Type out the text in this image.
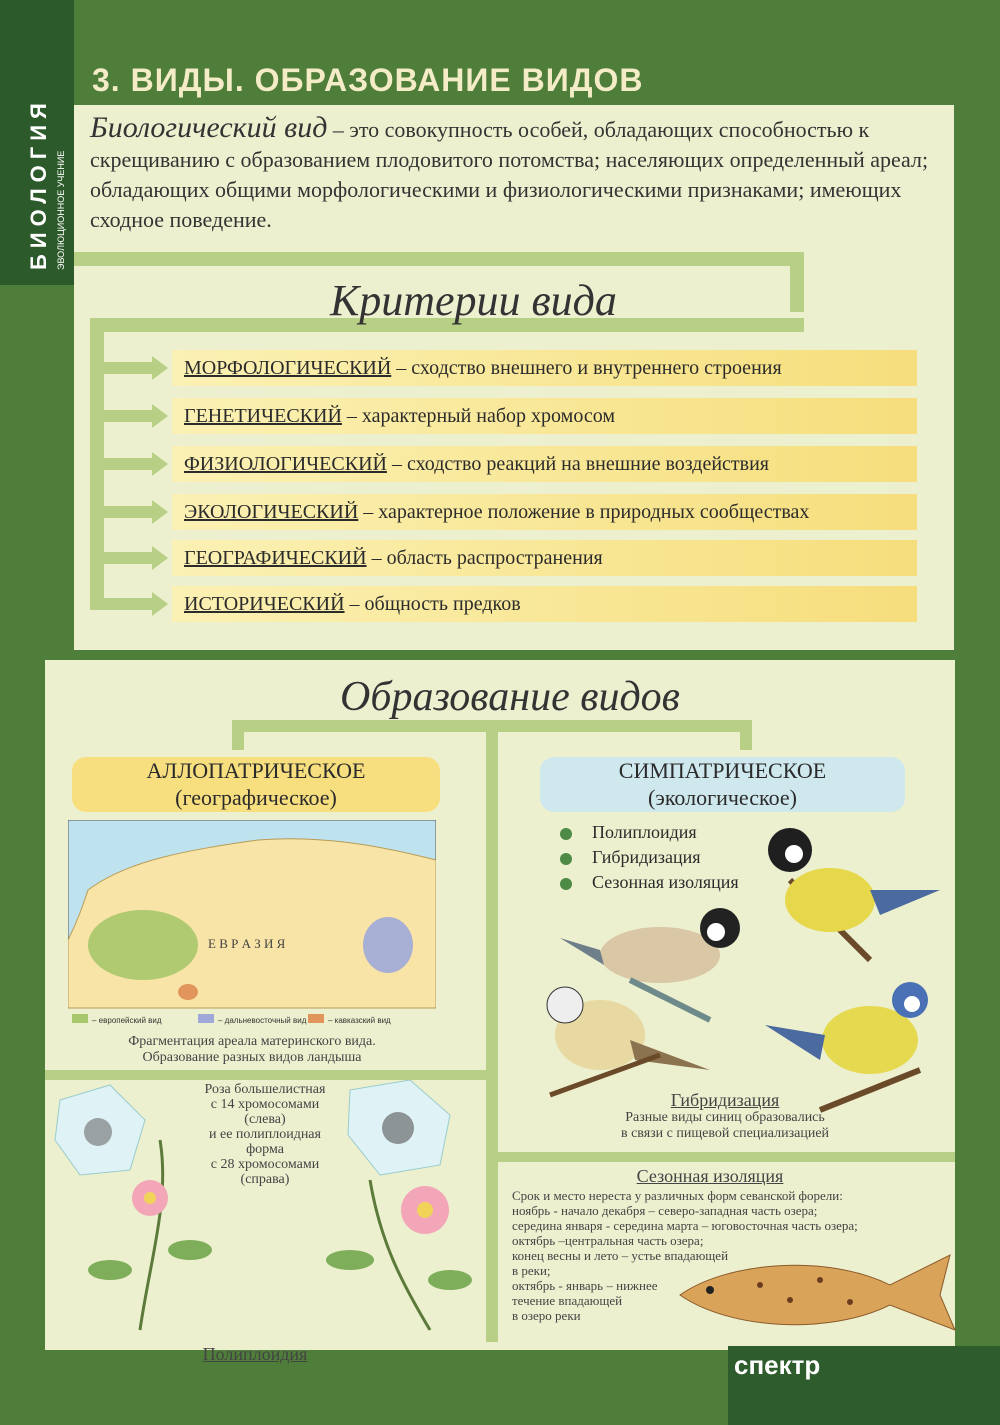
БИОЛОГИЯ ЭВОЛЮЦИОННОЕ УЧЕНИЕ
3. ВИДЫ. ОБРАЗОВАНИЕ ВИДОВ
Биологический вид – это совокупность особей, обладающих способностью к скрещиванию с образованием плодовитого потомства; населяющих определенный ареал; обладающих общими морфологическими и физиологическими признаками; имеющих сходное поведение.
Критерии вида
МОРФОЛОГИЧЕСКИЙ – сходство внешнего и внутреннего строения
ГЕНЕТИЧЕСКИЙ – характерный набор хромосом
ФИЗИОЛОГИЧЕСКИЙ – сходство реакций на внешние воздействия
ЭКОЛОГИЧЕСКИЙ – характерное положение в природных сообществах
ГЕОГРАФИЧЕСКИЙ – область распространения
ИСТОРИЧЕСКИЙ – общность предков
Образование видов
АЛЛОПАТРИЧЕСКОЕ
(географическое)
СИМПАТРИЧЕСКОЕ
(экологическое)
Е В Р А З И Я
– европейский вид	– дальневосточный вид	– кавказский вид
Фрагментация ареала материнского вида.
Образование разных видов ландыша
Полиплоидия
Гибридизация
Сезонная изоляция
Гибридизация
Разные виды синиц образовались
в связи с пищевой специализацией
Роза большелистная
с 14 хромосомами
(слева)
и ее полиплоидная
форма
с 28 хромосомами
(справа)
Полиплоидия
Сезонная изоляция
Срок и место нереста у различных форм севанской форели:
ноябрь - начало декабря – северо-западная часть озера;
середина января - середина марта – юговосточная часть озера;
октябрь –центральная часть озера;
конец весны и лето – устье впадающей
в реки;
октябрь - январь – нижнее
течение впадающей
в озеро реки
спектр
